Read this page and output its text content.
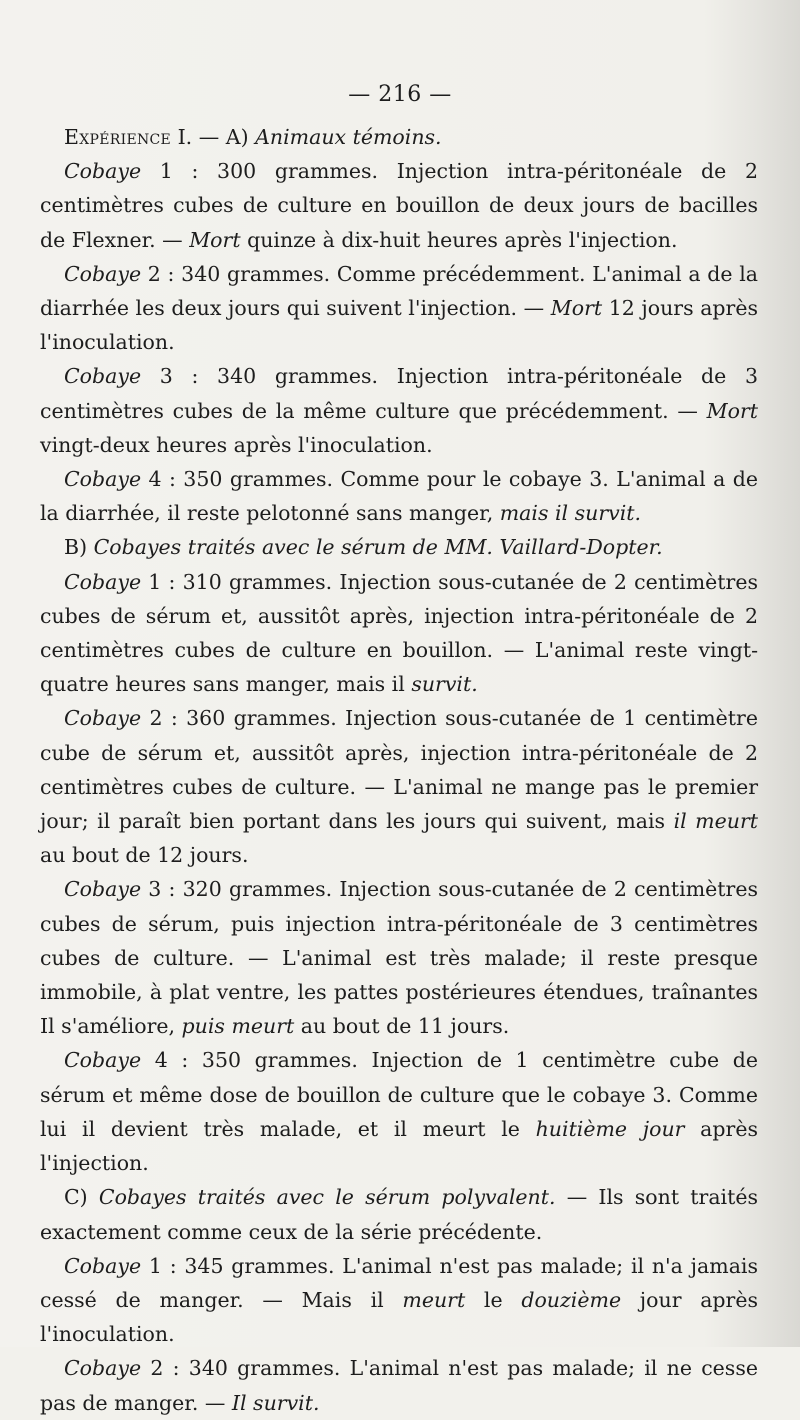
— 216 —

Expérience I. — A) Animaux témoins.

Cobaye 1 : 300 grammes. Injection intra-péritonéale de 2 centimètres cubes de culture en bouillon de deux jours de bacilles de Flexner. — Mort quinze à dix-huit heures après l'injection.

Cobaye 2 : 340 grammes. Comme précédemment. L'animal a de la diarrhée les deux jours qui suivent l'injection. — Mort 12 jours après l'inoculation.

Cobaye 3 : 340 grammes. Injection intra-péritonéale de 3 centimètres cubes de la même culture que précédemment. — Mort vingt-deux heures après l'inoculation.

Cobaye 4 : 350 grammes. Comme pour le cobaye 3. L'animal a de la diarrhée, il reste pelotonné sans manger, mais il survit.

B) Cobayes traités avec le sérum de MM. Vaillard-Dopter.

Cobaye 1 : 310 grammes. Injection sous-cutanée de 2 centimètres cubes de sérum et, aussitôt après, injection intra-péritonéale de 2 centimètres cubes de culture en bouillon. — L'animal reste vingt-quatre heures sans manger, mais il survit.

Cobaye 2 : 360 grammes. Injection sous-cutanée de 1 centimètre cube de sérum et, aussitôt après, injection intra-péritonéale de 2 centimètres cubes de culture. — L'animal ne mange pas le premier jour; il paraît bien portant dans les jours qui suivent, mais il meurt au bout de 12 jours.

Cobaye 3 : 320 grammes. Injection sous-cutanée de 2 centimètres cubes de sérum, puis injection intra-péritonéale de 3 centimètres cubes de culture. — L'animal est très malade; il reste presque immobile, à plat ventre, les pattes postérieures étendues, traînantes Il s'améliore, puis meurt au bout de 11 jours.

Cobaye 4 : 350 grammes. Injection de 1 centimètre cube de sérum et même dose de bouillon de culture que le cobaye 3. Comme lui il devient très malade, et il meurt le huitième jour après l'injection.

C) Cobayes traités avec le sérum polyvalent. — Ils sont traités exactement comme ceux de la série précédente.

Cobaye 1 : 345 grammes. L'animal n'est pas malade; il n'a jamais cessé de manger. — Mais il meurt le douzième jour après l'inoculation.

Cobaye 2 : 340 grammes. L'animal n'est pas malade; il ne cesse pas de manger. — Il survit.
